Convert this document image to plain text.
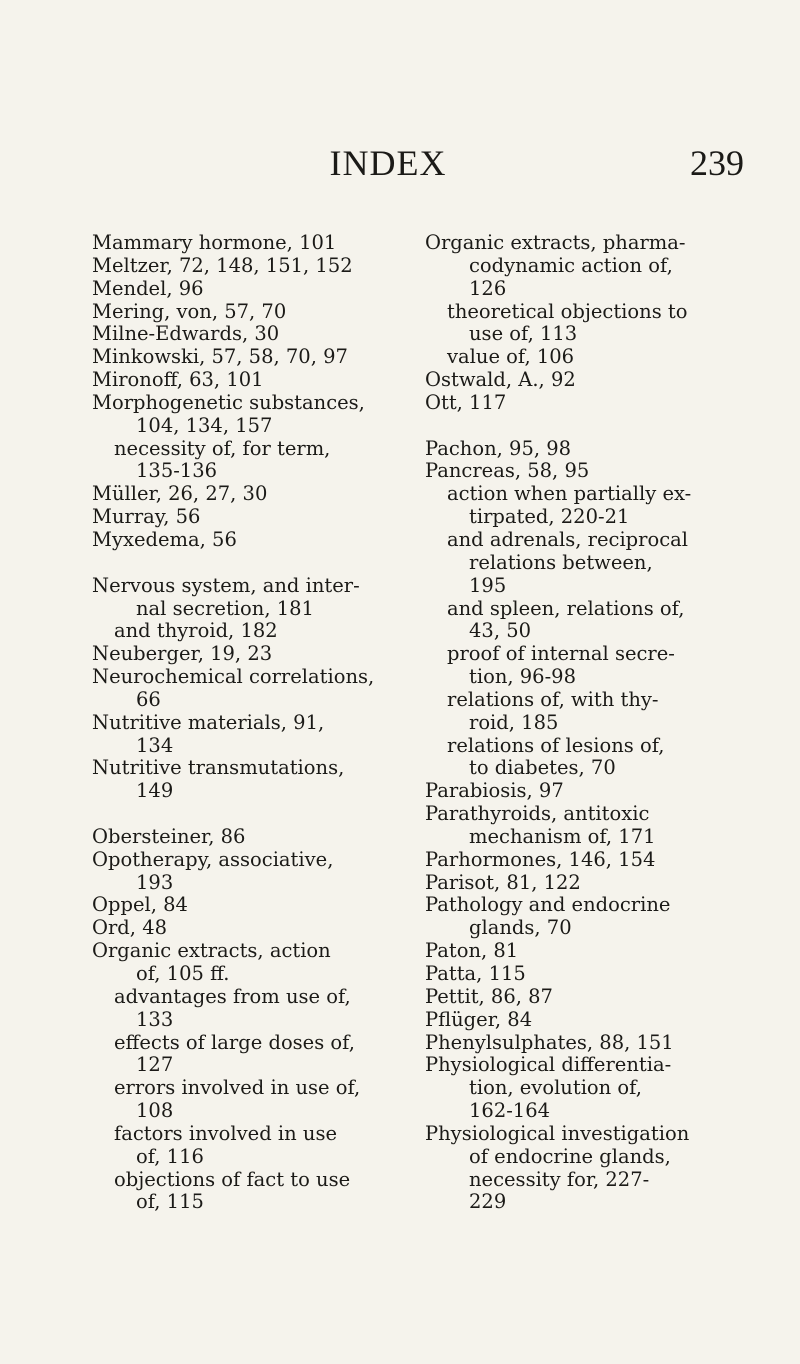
INDEX	239
Mammary hormone, 101
Meltzer, 72, 148, 151, 152
Mendel, 96
Mering, von, 57, 70
Milne-Edwards, 30
Minkowski, 57, 58, 70, 97
Mironoff, 63, 101
Morphogenetic substances,
104, 134, 157
necessity of, for term,
135-136
Müller, 26, 27, 30
Murray, 56
Myxedema, 56
Nervous system, and inter-
nal secretion, 181
and thyroid, 182
Neuberger, 19, 23
Neurochemical correlations,
66
Nutritive materials, 91,
134
Nutritive transmutations,
149
Obersteiner, 86
Opotherapy, associative,
193
Oppel, 84
Ord, 48
Organic extracts, action
of, 105 ff.
advantages from use of,
133
effects of large doses of,
127
errors involved in use of,
108
factors involved in use
of, 116
objections of fact to use
of, 115
Organic extracts, pharma-
codynamic action of,
126
theoretical objections to
use of, 113
value of, 106
Ostwald, A., 92
Ott, 117
Pachon, 95, 98
Pancreas, 58, 95
action when partially ex-
tirpated, 220-21
and adrenals, reciprocal
relations between,
195
and spleen, relations of,
43, 50
proof of internal secre-
tion, 96-98
relations of, with thy-
roid, 185
relations of lesions of,
to diabetes, 70
Parabiosis, 97
Parathyroids, antitoxic
mechanism of, 171
Parhormones, 146, 154
Parisot, 81, 122
Pathology and endocrine
glands, 70
Paton, 81
Patta, 115
Pettit, 86, 87
Pflüger, 84
Phenylsulphates, 88, 151
Physiological differentia-
tion, evolution of,
162-164
Physiological investigation
of endocrine glands,
necessity for, 227-
229
